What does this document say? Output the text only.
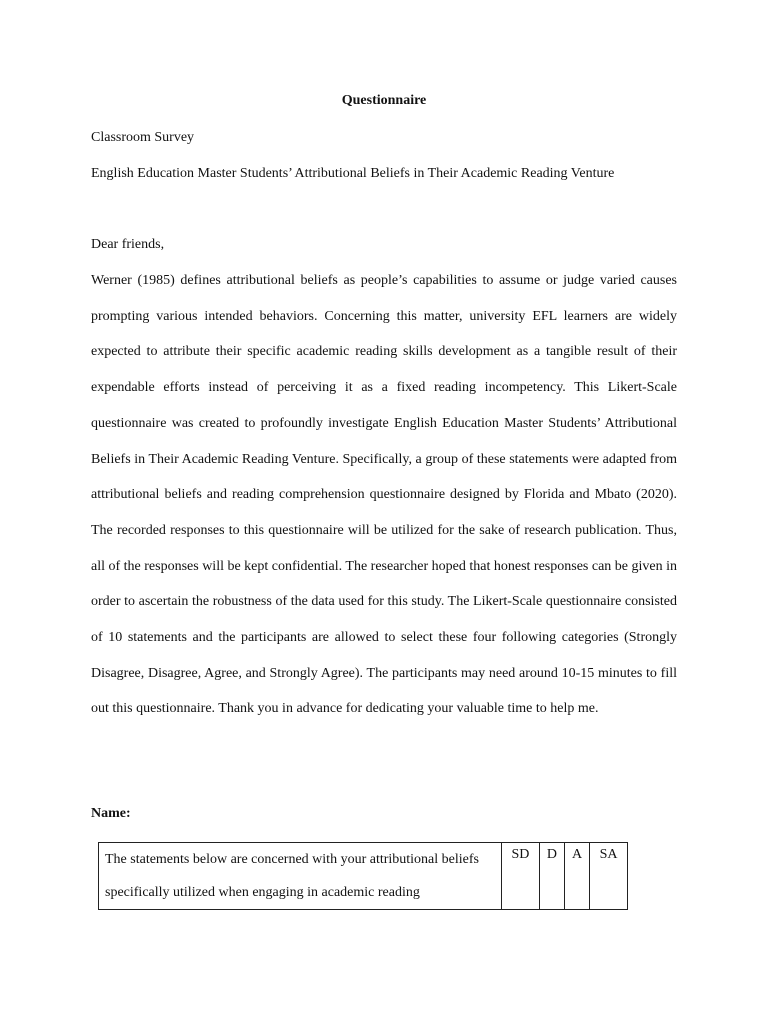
Questionnaire
Classroom Survey
English Education Master Students’ Attributional Beliefs in Their Academic Reading Venture
Dear friends,
Werner (1985) defines attributional beliefs as people’s capabilities to assume or judge varied causes prompting various intended behaviors. Concerning this matter, university EFL learners are widely expected to attribute their specific academic reading skills development as a tangible result of their expendable efforts instead of perceiving it as a fixed reading incompetency. This Likert-Scale questionnaire was created to profoundly investigate English Education Master Students’ Attributional Beliefs in Their Academic Reading Venture. Specifically, a group of these statements were adapted from attributional beliefs and reading comprehension questionnaire designed by Florida and Mbato (2020). The recorded responses to this questionnaire will be utilized for the sake of research publication. Thus, all of the responses will be kept confidential. The researcher hoped that honest responses can be given in order to ascertain the robustness of the data used for this study. The Likert-Scale questionnaire consisted of 10 statements and the participants are allowed to select these four following categories (Strongly Disagree, Disagree, Agree, and Strongly Agree). The participants may need around 10-15 minutes to fill out this questionnaire. Thank you in advance for dedicating your valuable time to help me.
Name:
The statements below are concerned with your attributional beliefs specifically utilized when engaging in academic reading	SD	D	A	SA
